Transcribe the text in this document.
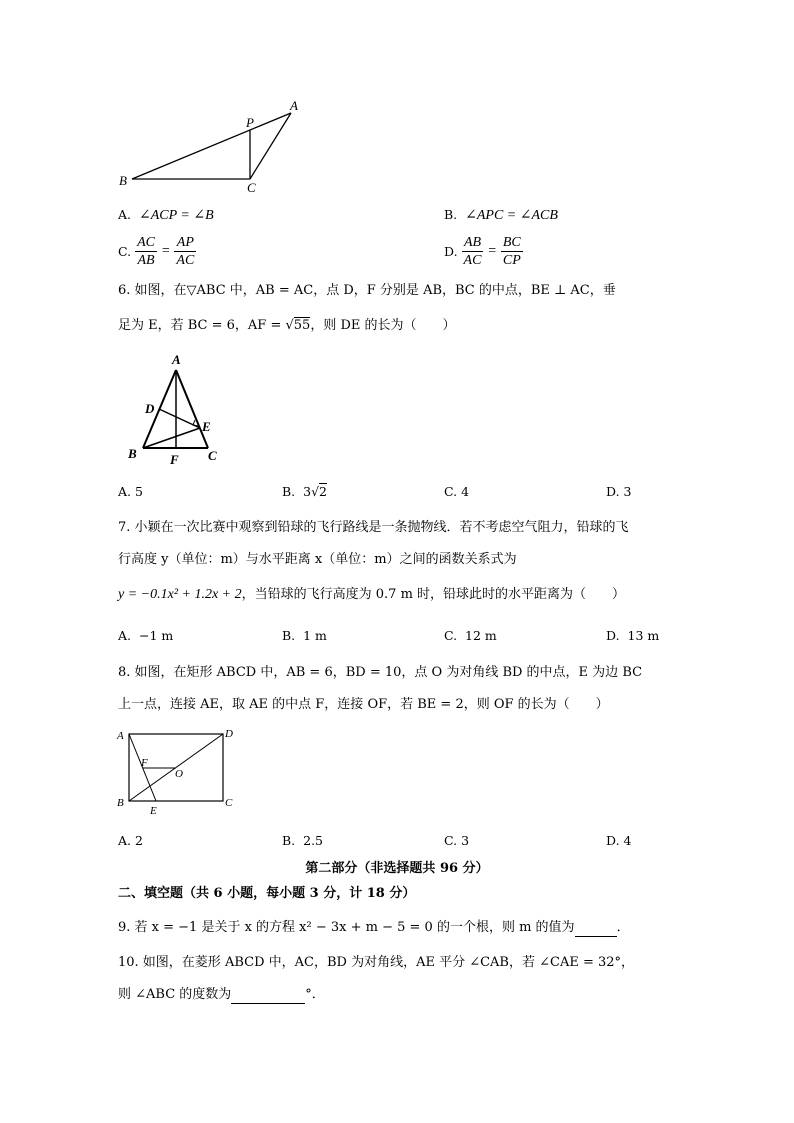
A
P
B	C
A. ∠ACP = ∠B	B. ∠APC = ∠ACB
C. $\frac{AC}{AB} = \frac{AP}{AC}$	D. $\frac{AB}{AC} = \frac{BC}{CP}$
6. 如图，在▽ABC 中，AB = AC，点 D，F 分别是 AB，BC 的中点，BE ⊥ AC，垂
足为 E，若 BC = 6，AF = √55，则 DE 的长为（　　）
A
D
E
B	F C
A. 5	B. 3√2	C. 4	D. 3
7. 小颖在一次比赛中观察到铅球的飞行路线是一条抛物线．若不考虑空气阻力，铅球的飞
行高度 y（单位：m）与水平距离 x（单位：m）之间的函数关系式为
y = −0.1x² + 1.2x + 2，当铅球的飞行高度为 0.7 m 时，铅球此时的水平距离为（　　）
A. −1 m	B. 1 m	C. 12 m	D. 13 m
8. 如图，在矩形 ABCD 中，AB = 6，BD = 10，点 O 为对角线 BD 的中点，E 为边 BC
上一点，连接 AE，取 AE 的中点 F，连接 OF，若 BE = 2，则 OF 的长为（　　）
A	D
F
O
B
E
C
A. 2	B. 2.5	C. 3	D. 4
第二部分（非选择题共 96 分）
二、填空题（共 6 小题，每小题 3 分，计 18 分）
9. 若 x = −1 是关于 x 的方程 x² − 3x + m − 5 = 0 的一个根，则 m 的值为	．
10. 如图，在菱形 ABCD 中，AC，BD 为对角线，AE 平分 ∠CAB，若 ∠CAE = 32°，
则 ∠ABC 的度数为	°．
